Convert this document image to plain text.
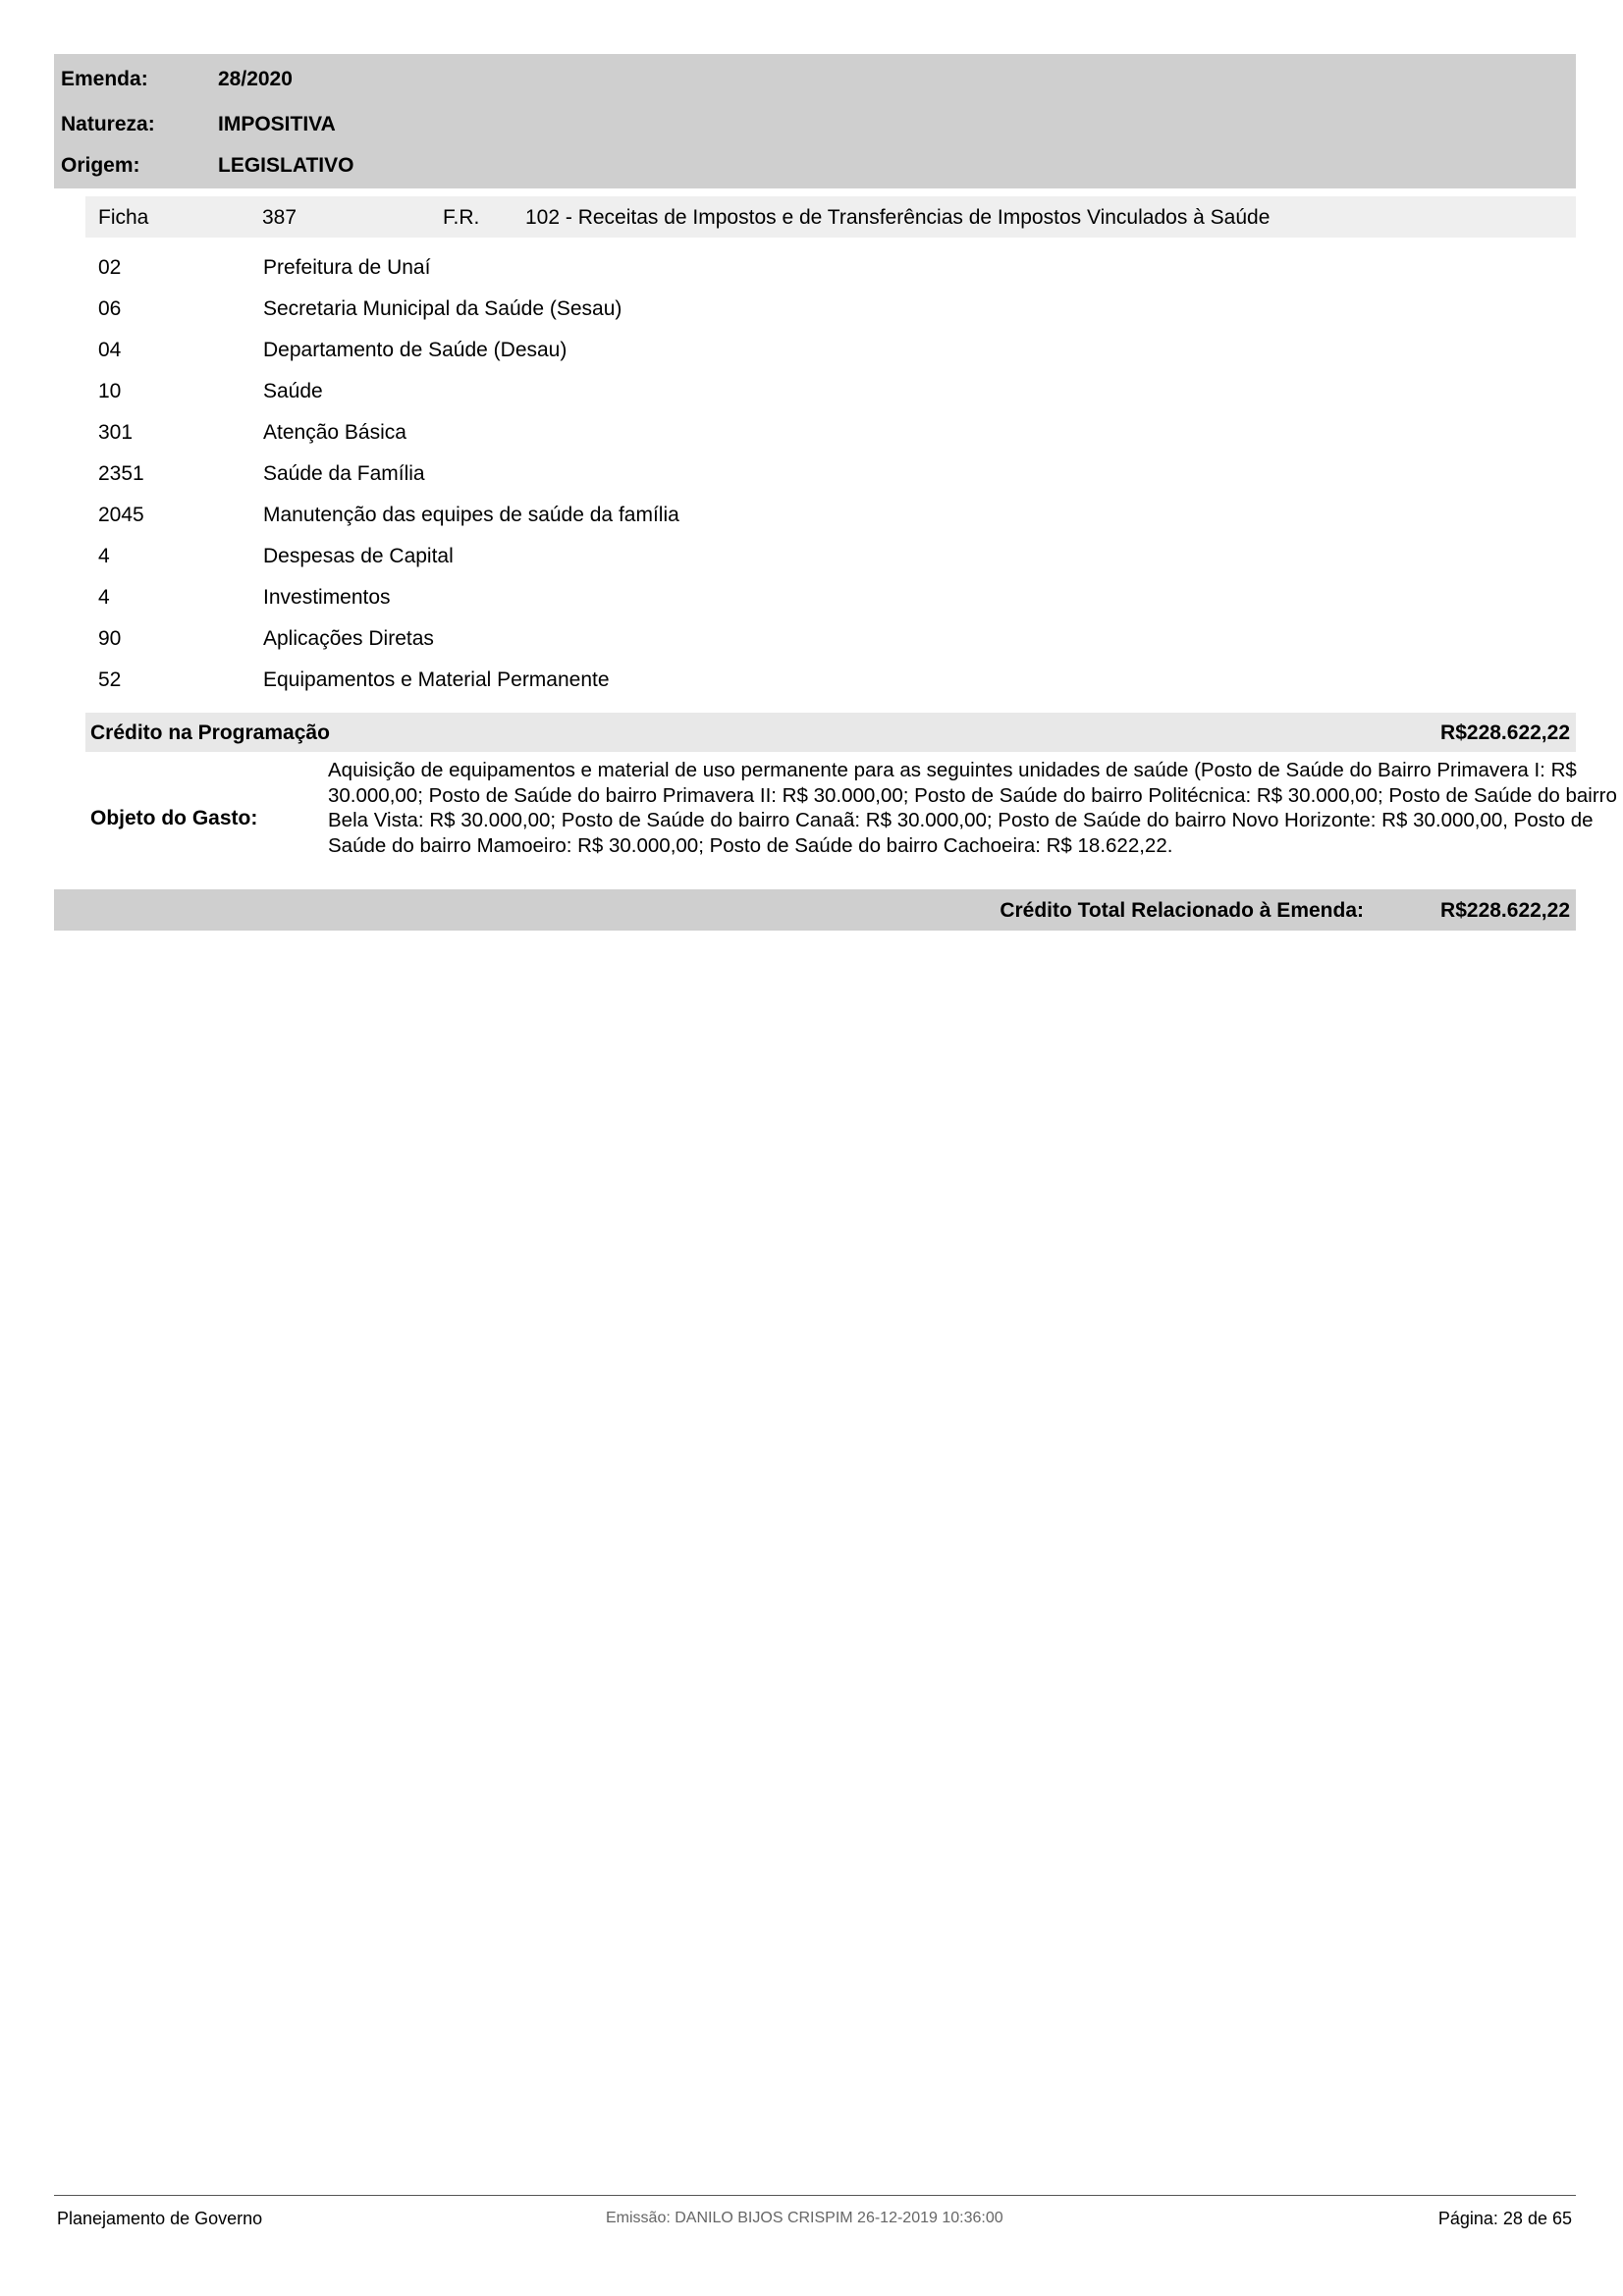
Emenda:	28/2020
Natureza:	IMPOSITIVA
Origem:	LEGISLATIVO
Ficha	387	F.R. 102 - Receitas de Impostos e de Transferências de Impostos Vinculados à Saúde
02	Prefeitura de Unaí
06	Secretaria Municipal da Saúde (Sesau)
04	Departamento de Saúde (Desau)
10	Saúde
301	Atenção Básica
2351	Saúde da Família
2045	Manutenção das equipes de saúde da família
4	Despesas de Capital
4	Investimentos
90	Aplicações Diretas
52	Equipamentos e Material Permanente
Crédito na Programação	R$228.622,22
Objeto do Gasto:
Aquisição de equipamentos e material de uso permanente para as seguintes unidades de saúde (Posto de Saúde do Bairro Primavera I: R$ 30.000,00; Posto de Saúde do bairro Primavera II: R$ 30.000,00; Posto de Saúde do bairro Politécnica: R$ 30.000,00; Posto de Saúde do bairro Bela Vista: R$ 30.000,00; Posto de Saúde do bairro Canaã: R$ 30.000,00; Posto de Saúde do bairro Novo Horizonte: R$ 30.000,00, Posto de Saúde do bairro Mamoeiro: R$ 30.000,00; Posto de Saúde do bairro Cachoeira: R$ 18.622,22.
Crédito Total Relacionado à Emenda:	R$228.622,22
Planejamento de Governo	Emissão: DANILO BIJOS CRISPIM 26-12-2019 10:36:00	Página: 28 de 65
